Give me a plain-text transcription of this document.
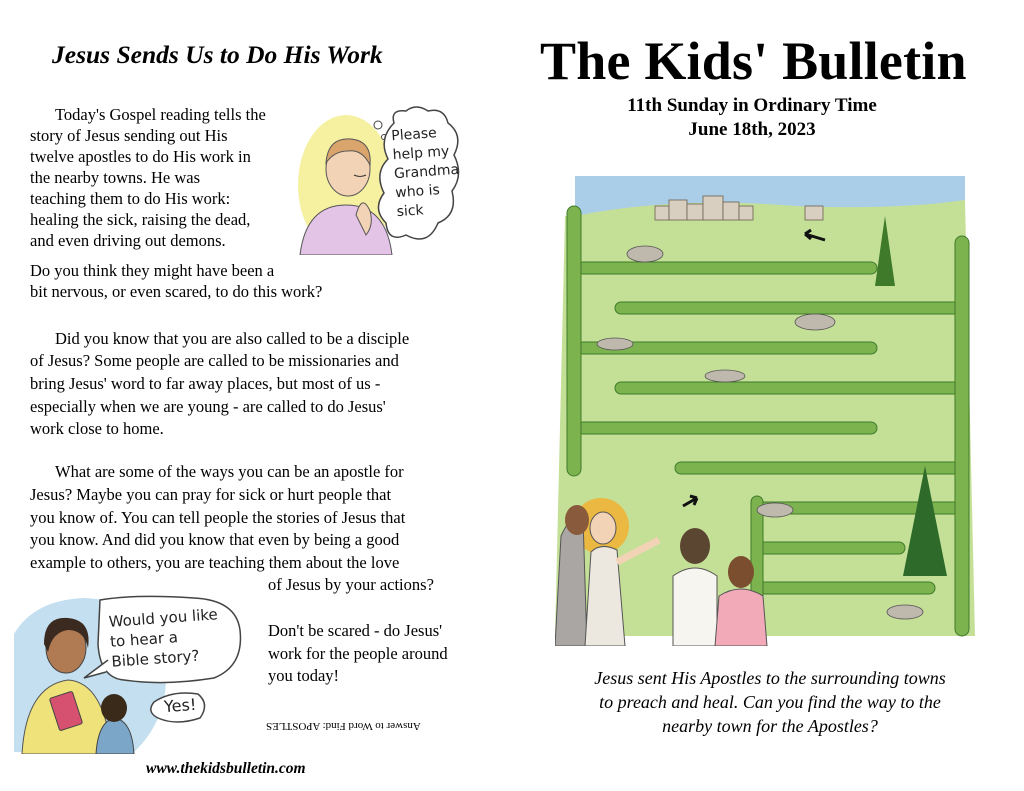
Jesus Sends Us to Do His Work
Today's Gospel reading tells the
story of Jesus sending out His
twelve apostles to do His work in
the nearby towns. He was
teaching them to do His work:
healing the sick, raising the dead,
and even driving out demons.
Do you think they might have been a
bit nervous, or even scared, to do this work?
Did you know that you are also called to be a disciple
of Jesus? Some people are called to be missionaries and
bring Jesus' word to far away places, but most of us -
especially when we are young - are called to do Jesus'
work close to home.
What are some of the ways you can be an apostle for
Jesus? Maybe you can pray for sick or hurt people that
you know of. You can tell people the stories of Jesus that
you know. And did you know that even by being a good
example to others, you are teaching them about the love
of Jesus by your actions?
Don't be scared - do Jesus'
work for the people around
you today!
Please
help my
Grandma
who is
sick
Would you like
to hear a
Bible story?
Yes!
Answer to Word Find: APOSTLES
www.thekidsbulletin.com
The Kids' Bulletin
11th Sunday in Ordinary Time
June 18th, 2023
Jesus sent His Apostles to the surrounding towns
to preach and heal. Can you find the way to the
nearby town for the Apostles?
